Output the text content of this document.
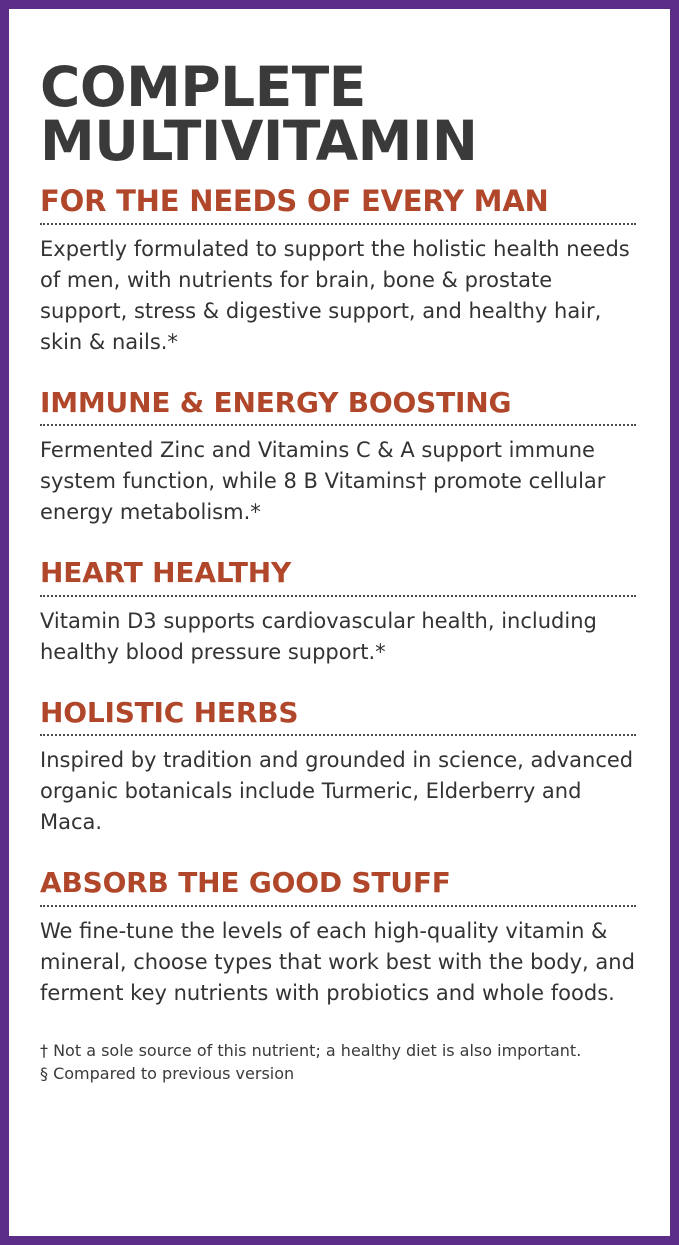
COMPLETE
MULTIVITAMIN
FOR THE NEEDS OF EVERY MAN

Expertly formulated to support the holistic health needs of men, with nutrients for brain, bone & prostate support, stress & digestive support, and healthy hair, skin & nails.*

IMMUNE & ENERGY BOOSTING

Fermented Zinc and Vitamins C & A support immune system function, while 8 B Vitamins† promote cellular energy metabolism.*

HEART HEALTHY

Vitamin D3 supports cardiovascular health, including healthy blood pressure support.*

HOLISTIC HERBS

Inspired by tradition and grounded in science, advanced organic botanicals include Turmeric, Elderberry and Maca.

ABSORB THE GOOD STUFF

We fine-tune the levels of each high-quality vitamin & mineral, choose types that work best with the body, and ferment key nutrients with probiotics and whole foods.

† Not a sole source of this nutrient; a healthy diet is also important.
§ Compared to previous version
